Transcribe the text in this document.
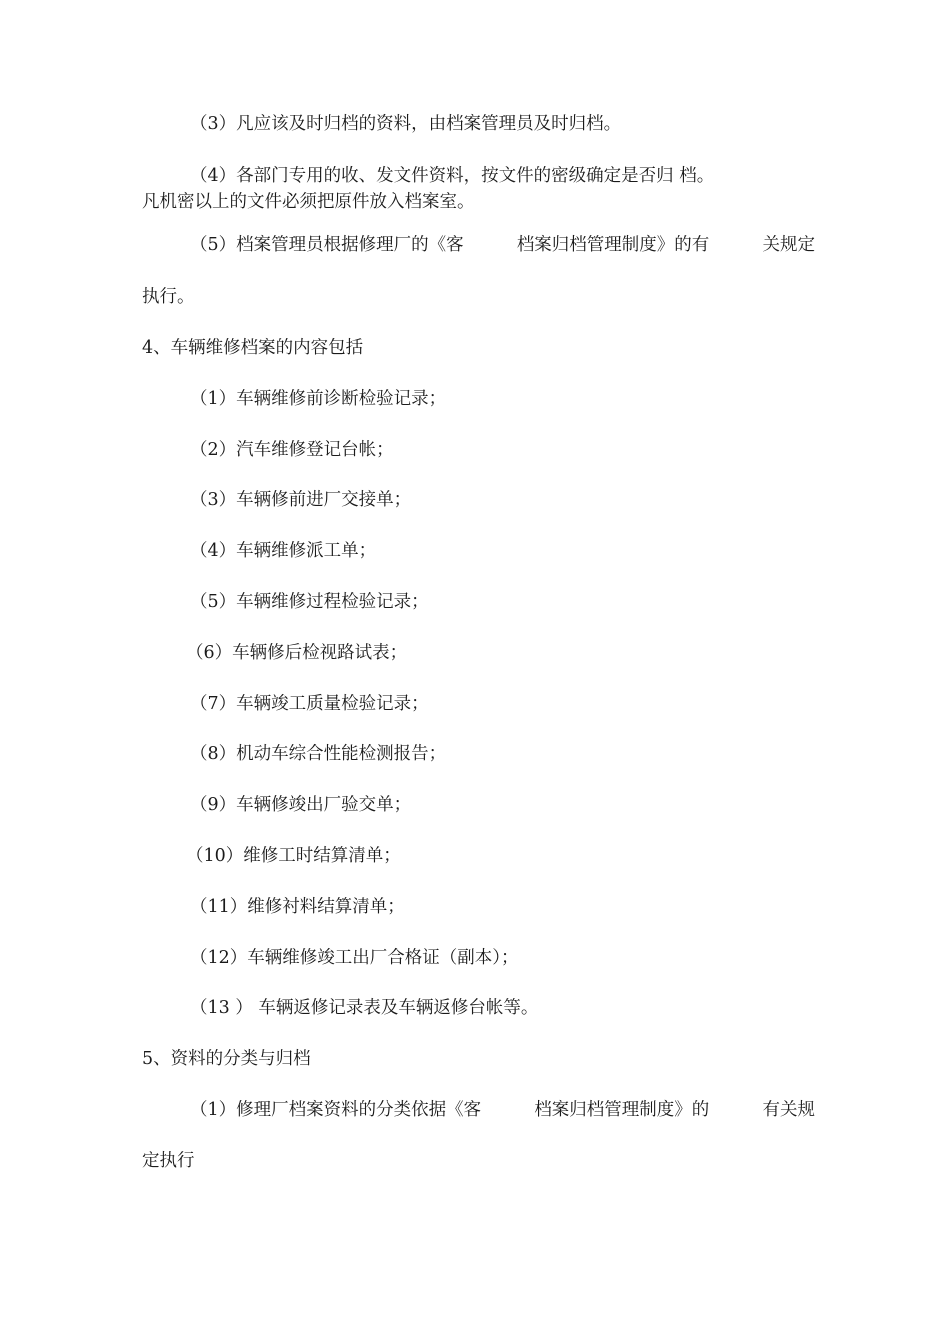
（3）凡应该及时归档的资料，由档案管理员及时归档。
（4）各部门专用的收、发文件资料，按文件的密级确定是否归 档。
凡机密以上的文件必须把原件放入档案室。
（5）档案管理员根据修理厂的《客	档案归档管理制度》的有	关规定
执行。
4、车辆维修档案的内容包括
（1）车辆维修前诊断检验记录；
（2）汽车维修登记台帐；
（3）车辆修前进厂交接单；
（4）车辆维修派工单；
（5）车辆维修过程检验记录；
（6）车辆修后检视路试表；
（7）车辆竣工质量检验记录；
（8）机动车综合性能检测报告；
（9）车辆修竣出厂验交单；
（10）维修工时结算清单；
（11）维修衬料结算清单；
（12）车辆维修竣工出厂合格证（副本）；
（13 ） 车辆返修记录表及车辆返修台帐等。
5、资料的分类与归档
（1）修理厂档案资料的分类依据《客	档案归档管理制度》的	有关规
定执行
